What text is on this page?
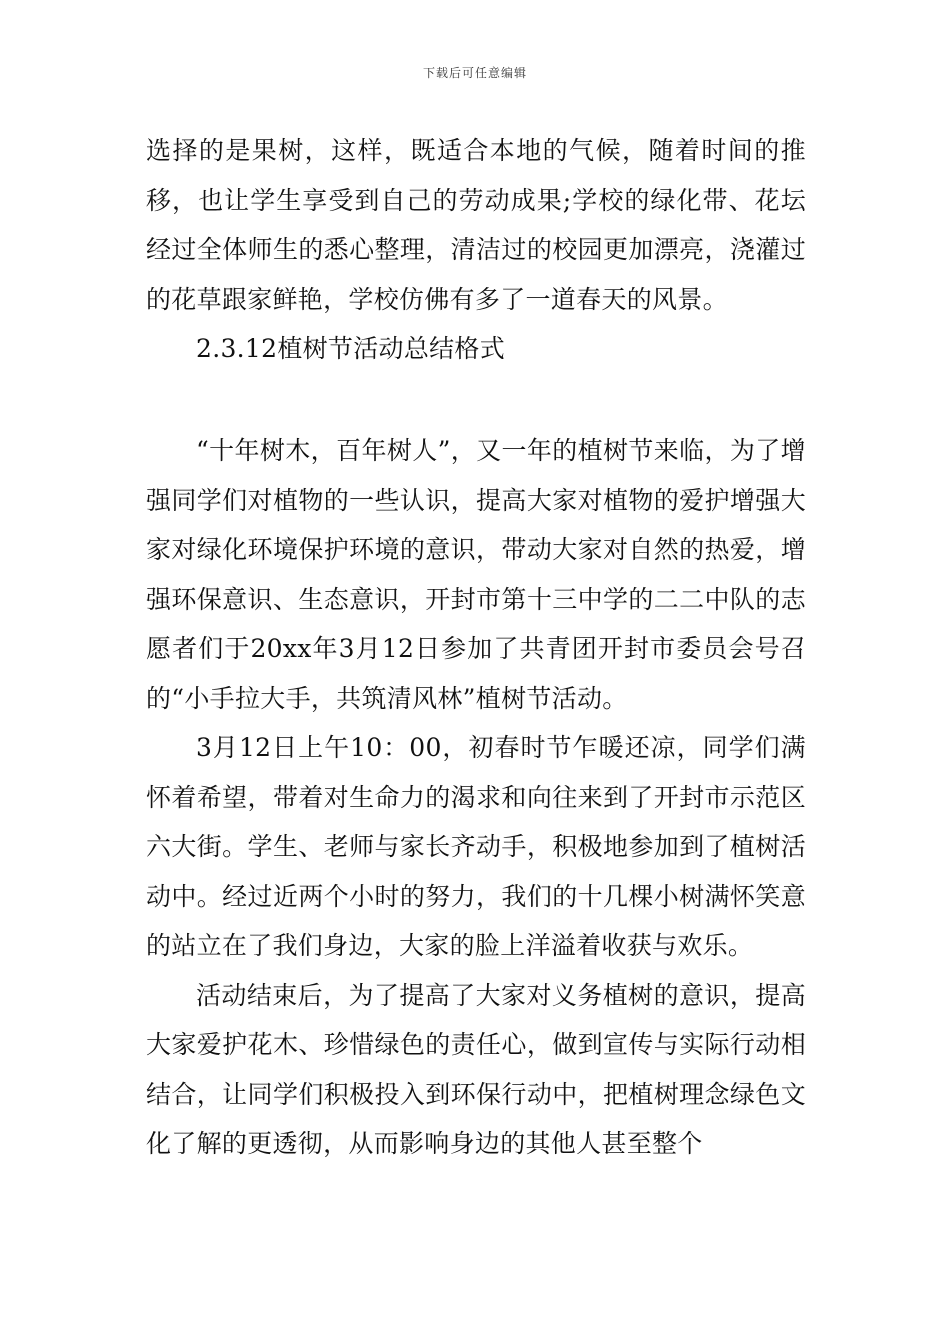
下载后可任意编辑

选择的是果树，这样，既适合本地的气候，随着时间的推移，也让学生享受到自己的劳动成果;学校的绿化带、花坛经过全体师生的悉心整理，清洁过的校园更加漂亮，浇灌过的花草跟家鲜艳，学校仿佛有多了一道春天的风景。

2.3.12植树节活动总结格式

“十年树木，百年树人”，又一年的植树节来临，为了增强同学们对植物的一些认识，提高大家对植物的爱护增强大家对绿化环境保护环境的意识，带动大家对自然的热爱，增强环保意识、生态意识，开封市第十三中学的二二中队的志愿者们于20xx年3月12日参加了共青团开封市委员会号召的“小手拉大手，共筑清风林”植树节活动。

3月12日上午10：00，初春时节乍暖还凉，同学们满怀着希望，带着对生命力的渴求和向往来到了开封市示范区六大街。学生、老师与家长齐动手，积极地参加到了植树活动中。经过近两个小时的努力，我们的十几棵小树满怀笑意的站立在了我们身边，大家的脸上洋溢着收获与欢乐。

活动结束后，为了提高了大家对义务植树的意识，提高大家爱护花木、珍惜绿色的责任心，做到宣传与实际行动相结合，让同学们积极投入到环保行动中，把植树理念绿色文化了解的更透彻，从而影响身边的其他人甚至整个
